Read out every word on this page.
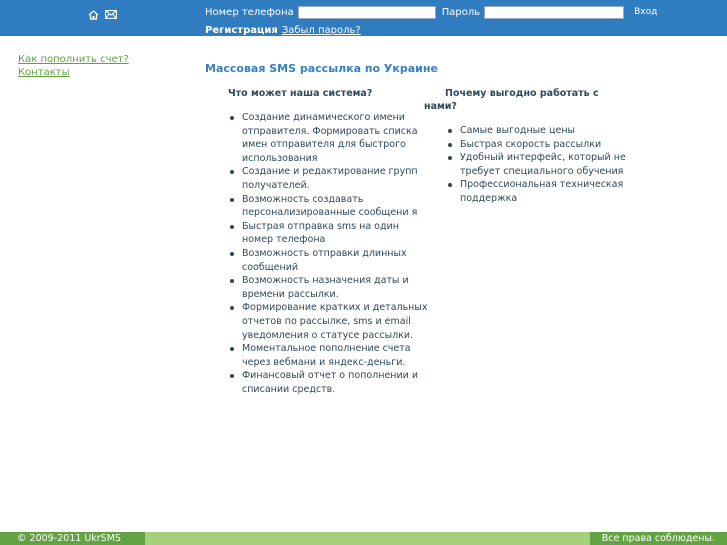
Номер телефона	Пароль	Вход
Регистрация Забыл пароль?
Как пополнить счет?
Контакты	Массовая SMS рассылка по Украине
Что может наша система?
Создание динамического имени отправителя. Формировать списка имен отправителя для быстрого использования
Создание и редактирование групп получателей.
Возможность создавать персонализированные сообщени я
Быстрая отправка sms на один номер телефона
Возможность отправки длинных сообщений
Возможность назначения даты и времени рассылки.
Формирование кратких и детальных отчетов по рассылке, sms и email уведомления о статусе рассылки.
Моментальное пополнение счета через вебмани и яндекс-деньги.
Финансовый отчет о пополнении и списании средств.
Почему выгодно работать с нами?
Самые выгодные цены
Быстрая скорость рассылки
Удобный интерфейс, который не требует специального обучения
Профессиональная техническая поддержка
© 2009-2011 UkrSMS	Все права соблюдены.
